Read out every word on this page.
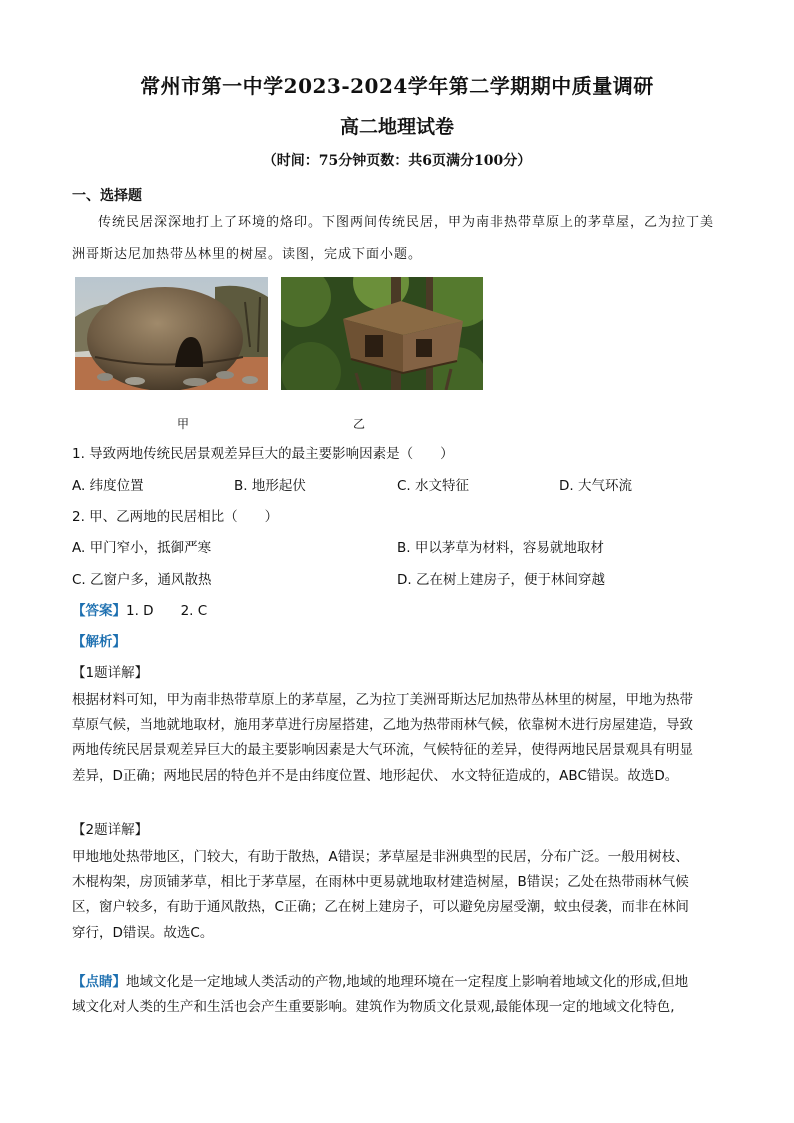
常州市第一中学2023-2024学年第二学期期中质量调研
高二地理试卷
（时间：75分钟页数：共6页满分100分）
一、选择题
传统民居深深地打上了环境的烙印。下图两间传统民居，甲为南非热带草原上的茅草屋，乙为拉丁美
洲哥斯达尼加热带丛林里的树屋。读图，完成下面小题。
甲	乙
1. 导致两地传统民居景观差异巨大的最主要影响因素是（　　）
A. 纬度位置	B. 地形起伏	C. 水文特征	D. 大气环流
2. 甲、乙两地的民居相比（　　）
A. 甲门窄小，抵御严寒	B. 甲以茅草为材料，容易就地取材
C. 乙窗户多，通风散热	D. 乙在树上建房子，便于林间穿越
【答案】1. D　　2. C
【解析】
【1题详解】
根据材料可知，甲为南非热带草原上的茅草屋，乙为拉丁美洲哥斯达尼加热带丛林里的树屋，甲地为热带
草原气候，当地就地取材，施用茅草进行房屋搭建，乙地为热带雨林气候，依靠树木进行房屋建造，导致
两地传统民居景观差异巨大的最主要影响因素是大气环流，气候特征的差异，使得两地民居景观具有明显
差异，D正确；两地民居的特色并不是由纬度位置、地形起伏、 水文特征造成的，ABC错误。故选D。
【2题详解】
甲地地处热带地区，门较大，有助于散热，A错误；茅草屋是非洲典型的民居，分布广泛。一般用树枝、
木棍构架，房顶铺茅草，相比于茅草屋，在雨林中更易就地取材建造树屋，B错误；乙处在热带雨林气候
区，窗户较多，有助于通风散热，C正确；乙在树上建房子，可以避免房屋受潮，蚊虫侵袭，而非在林间
穿行，D错误。故选C。
【点睛】地域文化是一定地域人类活动的产物,地域的地理环境在一定程度上影响着地域文化的形成,但地
域文化对人类的生产和生活也会产生重要影响。建筑作为物质文化景观,最能体现一定的地域文化特色,
